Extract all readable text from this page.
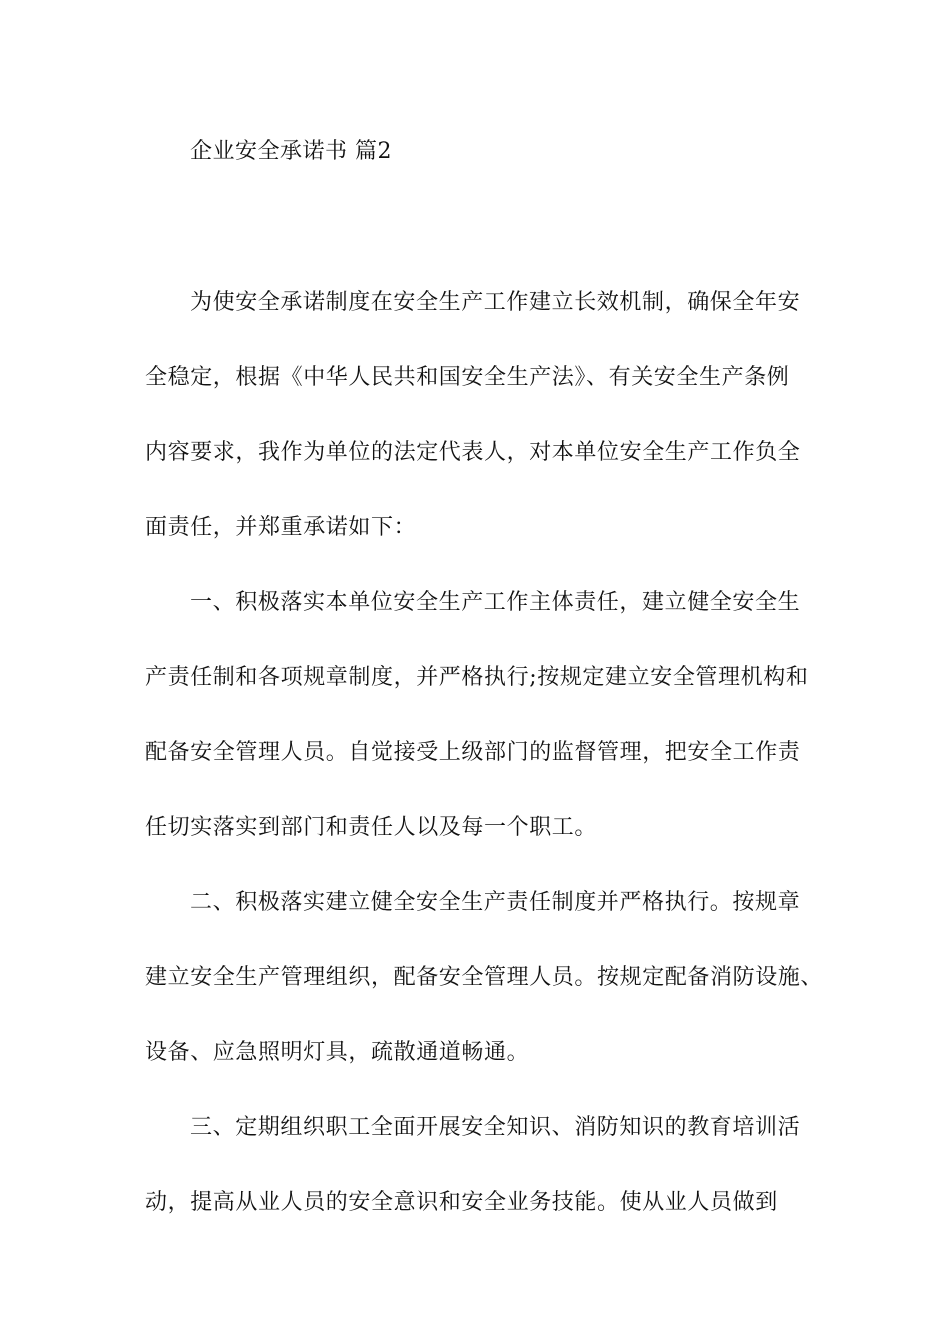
企业安全承诺书 篇2
为使安全承诺制度在安全生产工作建立长效机制，确保全年安
全稳定，根据《中华人民共和国安全生产法》、有关安全生产条例
内容要求，我作为单位的法定代表人，对本单位安全生产工作负全
面责任，并郑重承诺如下：
一、积极落实本单位安全生产工作主体责任，建立健全安全生
产责任制和各项规章制度，并严格执行;按规定建立安全管理机构和
配备安全管理人员。自觉接受上级部门的监督管理，把安全工作责
任切实落实到部门和责任人以及每一个职工。
二、积极落实建立健全安全生产责任制度并严格执行。按规章
建立安全生产管理组织，配备安全管理人员。按规定配备消防设施、
设备、应急照明灯具，疏散通道畅通。
三、定期组织职工全面开展安全知识、消防知识的教育培训活
动，提高从业人员的安全意识和安全业务技能。使从业人员做到
